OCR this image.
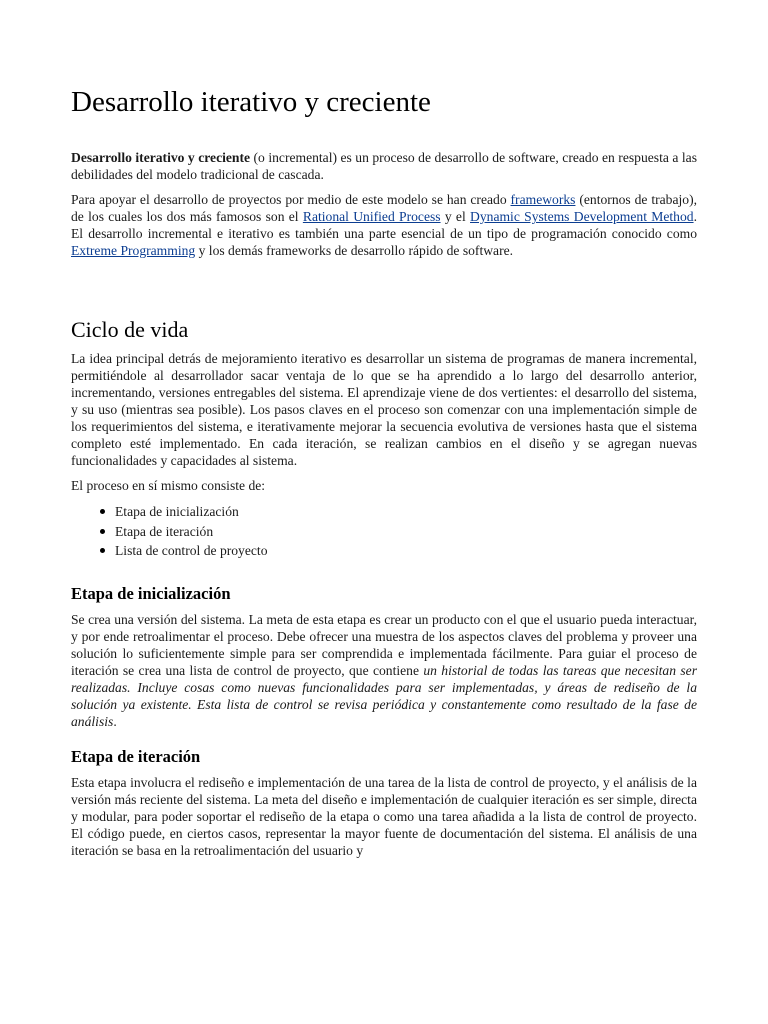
Desarrollo iterativo y creciente

Desarrollo iterativo y creciente (o incremental) es un proceso de desarrollo de software, creado en respuesta a las debilidades del modelo tradicional de cascada.

Para apoyar el desarrollo de proyectos por medio de este modelo se han creado frameworks (entornos de trabajo), de los cuales los dos más famosos son el Rational Unified Process y el Dynamic Systems Development Method. El desarrollo incremental e iterativo es también una parte esencial de un tipo de programación conocido como Extreme Programming y los demás frameworks de desarrollo rápido de software.

Ciclo de vida

La idea principal detrás de mejoramiento iterativo es desarrollar un sistema de programas de manera incremental, permitiéndole al desarrollador sacar ventaja de lo que se ha aprendido a lo largo del desarrollo anterior, incrementando, versiones entregables del sistema. El aprendizaje viene de dos vertientes: el desarrollo del sistema, y su uso (mientras sea posible). Los pasos claves en el proceso son comenzar con una implementación simple de los requerimientos del sistema, e iterativamente mejorar la secuencia evolutiva de versiones hasta que el sistema completo esté implementado. En cada iteración, se realizan cambios en el diseño y se agregan nuevas funcionalidades y capacidades al sistema.

El proceso en sí mismo consiste de:

Etapa de inicialización
Etapa de iteración
Lista de control de proyecto
Etapa de inicialización

Se crea una versión del sistema. La meta de esta etapa es crear un producto con el que el usuario pueda interactuar, y por ende retroalimentar el proceso. Debe ofrecer una muestra de los aspectos claves del problema y proveer una solución lo suficientemente simple para ser comprendida e implementada fácilmente. Para guiar el proceso de iteración se crea una lista de control de proyecto, que contiene un historial de todas las tareas que necesitan ser realizadas. Incluye cosas como nuevas funcionalidades para ser implementadas, y áreas de rediseño de la solución ya existente. Esta lista de control se revisa periódica y constantemente como resultado de la fase de análisis.

Etapa de iteración

Esta etapa involucra el rediseño e implementación de una tarea de la lista de control de proyecto, y el análisis de la versión más reciente del sistema. La meta del diseño e implementación de cualquier iteración es ser simple, directa y modular, para poder soportar el rediseño de la etapa o como una tarea añadida a la lista de control de proyecto. El código puede, en ciertos casos, representar la mayor fuente de documentación del sistema. El análisis de una iteración se basa en la retroalimentación del usuario y
